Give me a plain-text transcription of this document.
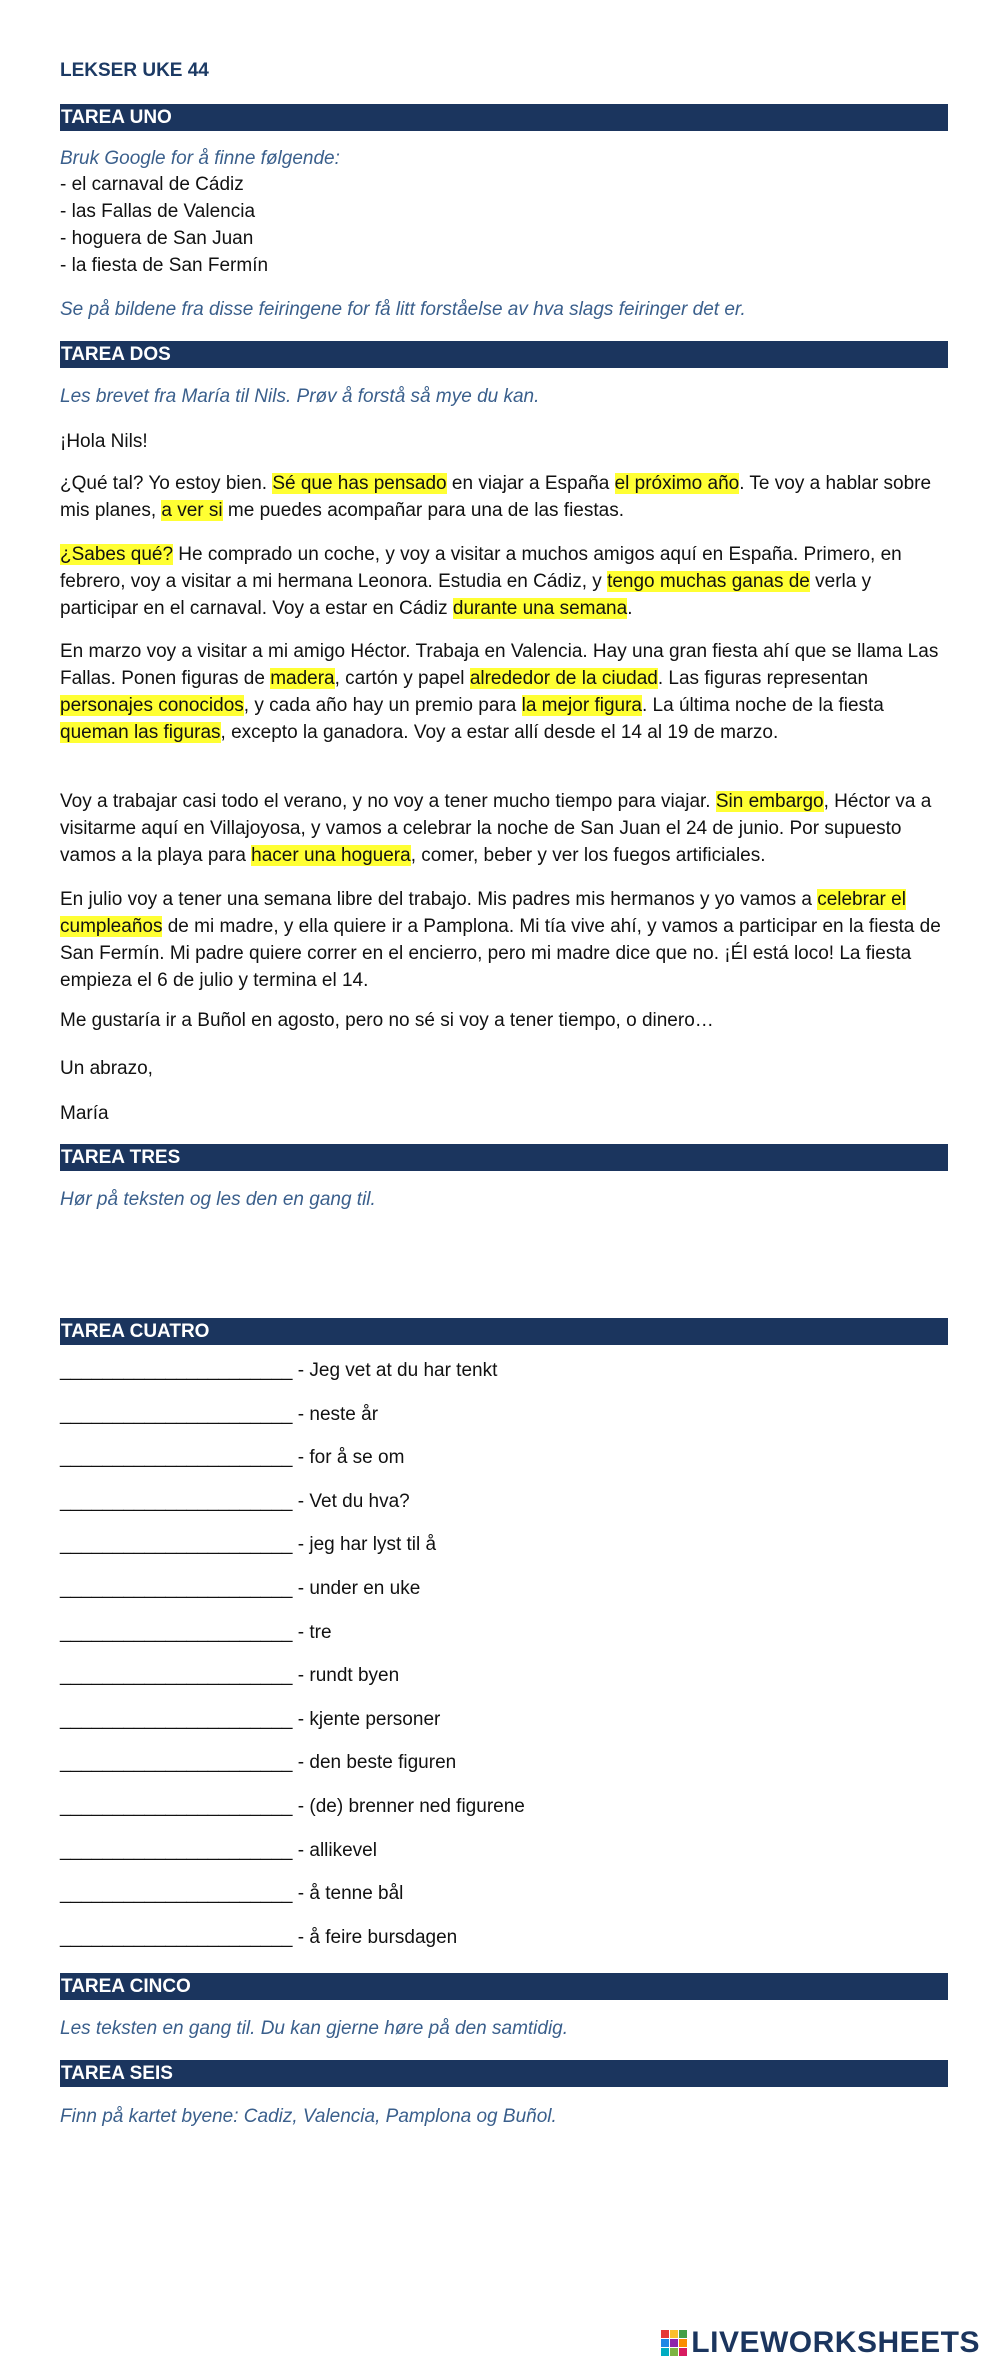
LEKSER UKE 44
TAREA UNO
Bruk Google for å finne følgende:
- el carnaval de Cádiz
- las Fallas de Valencia
- hoguera de San Juan
- la fiesta de San Fermín
Se på bildene fra disse feiringene for få litt forståelse av hva slags feiringer det er.
TAREA DOS
Les brevet fra María til Nils. Prøv å forstå så mye du kan.
¡Hola Nils!
¿Qué tal? Yo estoy bien. Sé que has pensado en viajar a España el próximo año. Te voy a hablar sobre mis planes, a ver si me puedes acompañar para una de las fiestas.
¿Sabes qué? He comprado un coche, y voy a visitar a muchos amigos aquí en España. Primero, en febrero, voy a visitar a mi hermana Leonora. Estudia en Cádiz, y tengo muchas ganas de verla y participar en el carnaval. Voy a estar en Cádiz durante una semana.
En marzo voy a visitar a mi amigo Héctor. Trabaja en Valencia. Hay una gran fiesta ahí que se llama Las Fallas. Ponen figuras de madera, cartón y papel alrededor de la ciudad. Las figuras representan personajes conocidos, y cada año hay un premio para la mejor figura. La última noche de la fiesta queman las figuras, excepto la ganadora. Voy a estar allí desde el 14 al 19 de marzo.
Voy a trabajar casi todo el verano, y no voy a tener mucho tiempo para viajar. Sin embargo, Héctor va a visitarme aquí en Villajoyosa, y vamos a celebrar la noche de San Juan el 24 de junio. Por supuesto vamos a la playa para hacer una hoguera, comer, beber y ver los fuegos artificiales.
En julio voy a tener una semana libre del trabajo. Mis padres mis hermanos y yo vamos a celebrar el cumpleaños de mi madre, y ella quiere ir a Pamplona. Mi tía vive ahí, y vamos a participar en la fiesta de San Fermín. Mi padre quiere correr en el encierro, pero mi madre dice que no. ¡Él está loco! La fiesta empieza el 6 de julio y termina el 14.
Me gustaría ir a Buñol en agosto, pero no sé si voy a tener tiempo, o dinero…
Un abrazo,
María
TAREA TRES
Hør på teksten og les den en gang til.
TAREA CUATRO
______________________ - Jeg vet at du har tenkt
______________________ - neste år
______________________ - for å se om
______________________ - Vet du hva?
______________________ - jeg har lyst til å
______________________ - under en uke
______________________ - tre
______________________ - rundt byen
______________________ - kjente personer
______________________ - den beste figuren
______________________ - (de) brenner ned figurene
______________________ - allikevel
______________________ - å tenne bål
______________________ - å feire bursdagen
TAREA CINCO
Les teksten en gang til. Du kan gjerne høre på den samtidig.
TAREA SEIS
Finn på kartet byene: Cadiz, Valencia, Pamplona og Buñol.
LIVEWORKSHEETS
